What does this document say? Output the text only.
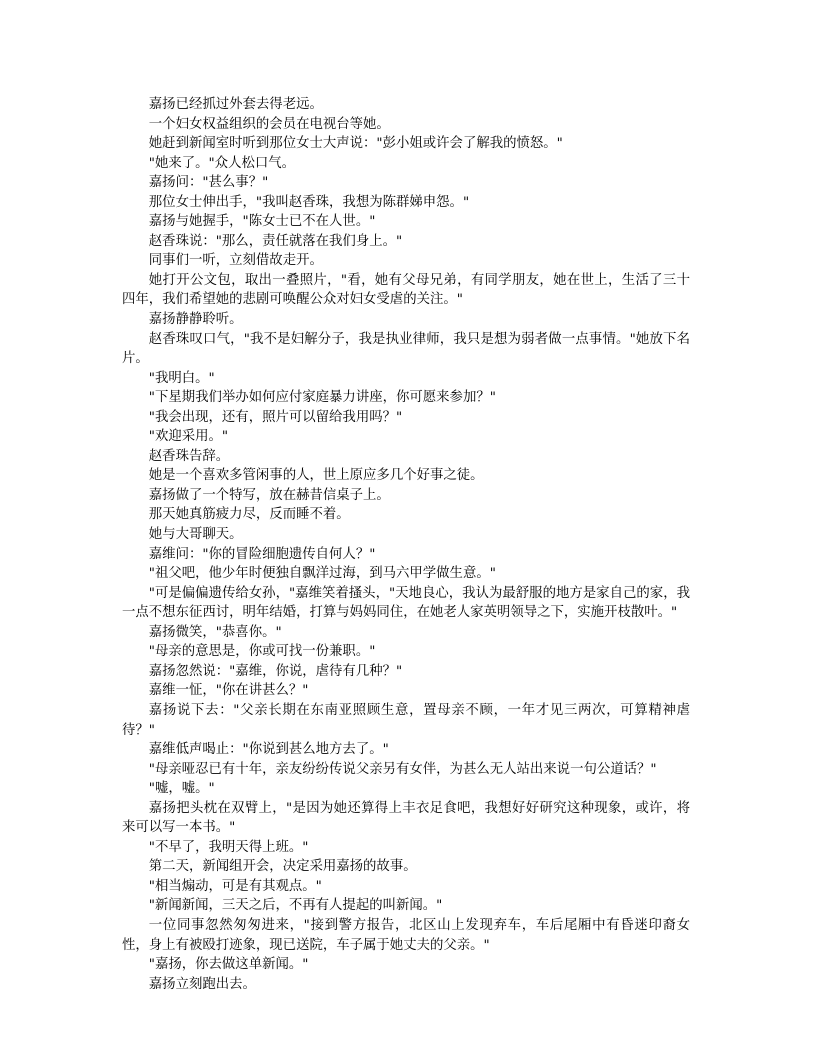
嘉扬已经抓过外套去得老远。

一个妇女权益组织的会员在电视台等她。

她赶到新闻室时听到那位女士大声说："彭小姐或许会了解我的愤怒。"

"她来了。"众人松口气。

嘉扬问："甚么事？"

那位女士伸出手，"我叫赵香珠，我想为陈群娣申怨。"

嘉扬与她握手，"陈女士已不在人世。"

赵香珠说："那么，责任就落在我们身上。"

同事们一听，立刻借故走开。

她打开公文包，取出一叠照片，"看，她有父母兄弟，有同学朋友，她在世上，生活了三十四年，我们希望她的悲剧可唤醒公众对妇女受虐的关注。"

嘉扬静静聆听。

赵香珠叹口气，"我不是妇解分子，我是执业律师，我只是想为弱者做一点事情。"她放下名片。

"我明白。"

"下星期我们举办如何应付家庭暴力讲座，你可愿来参加？"

"我会出现，还有，照片可以留给我用吗？"

"欢迎采用。"

赵香珠告辞。

她是一个喜欢多管闲事的人，世上原应多几个好事之徒。

嘉扬做了一个特写，放在赫昔信桌子上。

那天她真筋疲力尽，反而睡不着。

她与大哥聊天。

嘉维问："你的冒险细胞遗传自何人？"

"祖父吧，他少年时便独自飘洋过海，到马六甲学做生意。"

"可是偏偏遗传给女孙，"嘉维笑着搔头，"天地良心，我认为最舒服的地方是家自己的家，我一点不想东征西讨，明年结婚，打算与妈妈同住，在她老人家英明领导之下，实施开枝散叶。"

嘉扬微笑，"恭喜你。"

"母亲的意思是，你或可找一份兼职。"

嘉扬忽然说："嘉维，你说，虐待有几种？"

嘉维一怔，"你在讲甚么？"

嘉扬说下去："父亲长期在东南亚照顾生意，置母亲不顾，一年才见三两次，可算精神虐待？"

嘉维低声喝止："你说到甚么地方去了。"

"母亲哑忍已有十年，亲友纷纷传说父亲另有女伴，为甚么无人站出来说一句公道话？"

"嘘，嘘。"

嘉扬把头枕在双臂上，"是因为她还算得上丰衣足食吧，我想好好研究这种现象，或许，将来可以写一本书。"

"不早了，我明天得上班。"

第二天，新闻组开会，决定采用嘉扬的故事。

"相当煽动，可是有其观点。"

"新闻新闻，三天之后，不再有人提起的叫新闻。"

一位同事忽然匆匆进来，"接到警方报告，北区山上发现弃车，车后尾厢中有昏迷印裔女性，身上有被殴打迹象，现已送院，车子属于她丈夫的父亲。"

"嘉扬，你去做这单新闻。"

嘉扬立刻跑出去。
